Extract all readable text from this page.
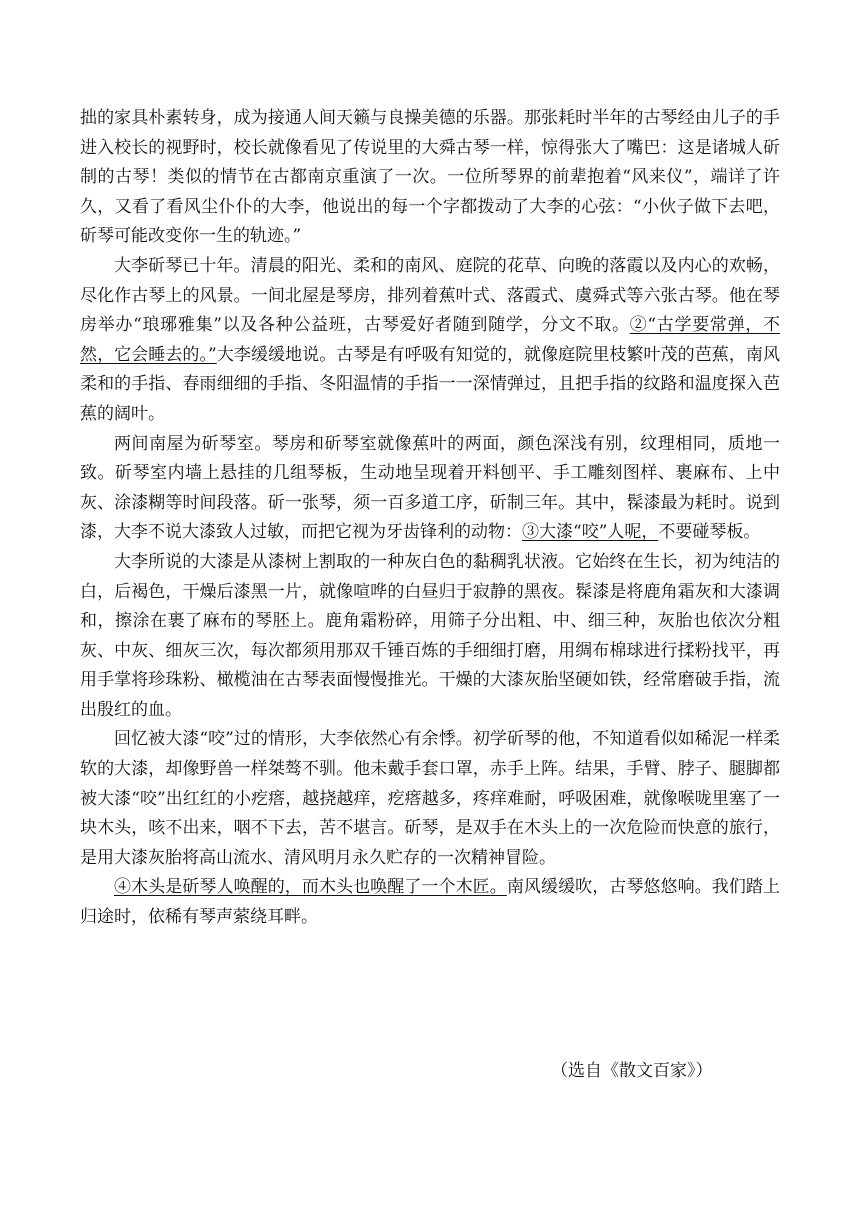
拙的家具朴素转身，成为接通人间天籁与良操美德的乐器。那张耗时半年的古琴经由儿子的手进入校长的视野时，校长就像看见了传说里的大舜古琴一样，惊得张大了嘴巴：这是诸城人斫制的古琴！类似的情节在古都南京重演了一次。一位所琴界的前辈抱着“风来仪”，端详了许久，又看了看风尘仆仆的大李，他说出的每一个字都拨动了大李的心弦：“小伙子做下去吧，斫琴可能改变你一生的轨迹。”

大李斫琴已十年。清晨的阳光、柔和的南风、庭院的花草、向晚的落霞以及内心的欢畅，尽化作古琴上的风景。一间北屋是琴房，排列着蕉叶式、落霞式、虞舜式等六张古琴。他在琴房举办“琅琊雅集”以及各种公益班，古琴爱好者随到随学，分文不取。②“古学要常弹，不然，它会睡去的。”大李缓缓地说。古琴是有呼吸有知觉的，就像庭院里枝繁叶茂的芭蕉，南风柔和的手指、春雨细细的手指、冬阳温情的手指一一深情弹过，且把手指的纹路和温度探入芭蕉的阔叶。

两间南屋为斫琴室。琴房和斫琴室就像蕉叶的两面，颜色深浅有别，纹理相同，质地一致。斫琴室内墙上悬挂的几组琴板，生动地呈现着开料刨平、手工雕刻图样、裹麻布、上中灰、涂漆糊等时间段落。斫一张琴，须一百多道工序，斫制三年。其中，髹漆最为耗时。说到漆，大李不说大漆致人过敏，而把它视为牙齿锋利的动物：③大漆“咬”人呢，不要碰琴板。

大李所说的大漆是从漆树上割取的一种灰白色的黏稠乳状液。它始终在生长，初为纯洁的白，后褐色，干燥后漆黑一片，就像喧哗的白昼归于寂静的黑夜。髹漆是将鹿角霜灰和大漆调和，擦涂在裹了麻布的琴胚上。鹿角霜粉碎，用筛子分出粗、中、细三种，灰胎也依次分粗灰、中灰、细灰三次，每次都须用那双千锤百炼的手细细打磨，用绸布棉球进行揉粉找平，再用手掌将珍珠粉、橄榄油在古琴表面慢慢推光。干燥的大漆灰胎坚硬如铁，经常磨破手指，流出殷红的血。

回忆被大漆“咬”过的情形，大李依然心有余悸。初学斫琴的他，不知道看似如稀泥一样柔软的大漆，却像野兽一样桀骜不驯。他未戴手套口罩，赤手上阵。结果，手臂、脖子、腿脚都被大漆“咬”出红红的小疙瘩，越挠越痒，疙瘩越多，疼痒难耐，呼吸困难，就像喉咙里塞了一块木头，咳不出来，咽不下去，苦不堪言。斫琴，是双手在木头上的一次危险而快意的旅行，是用大漆灰胎将高山流水、清风明月永久贮存的一次精神冒险。

④木头是斫琴人唤醒的，而木头也唤醒了一个木匠。南风缓缓吹，古琴悠悠响。我们踏上归途时，依稀有琴声萦绕耳畔。

（选自《散文百家》）
